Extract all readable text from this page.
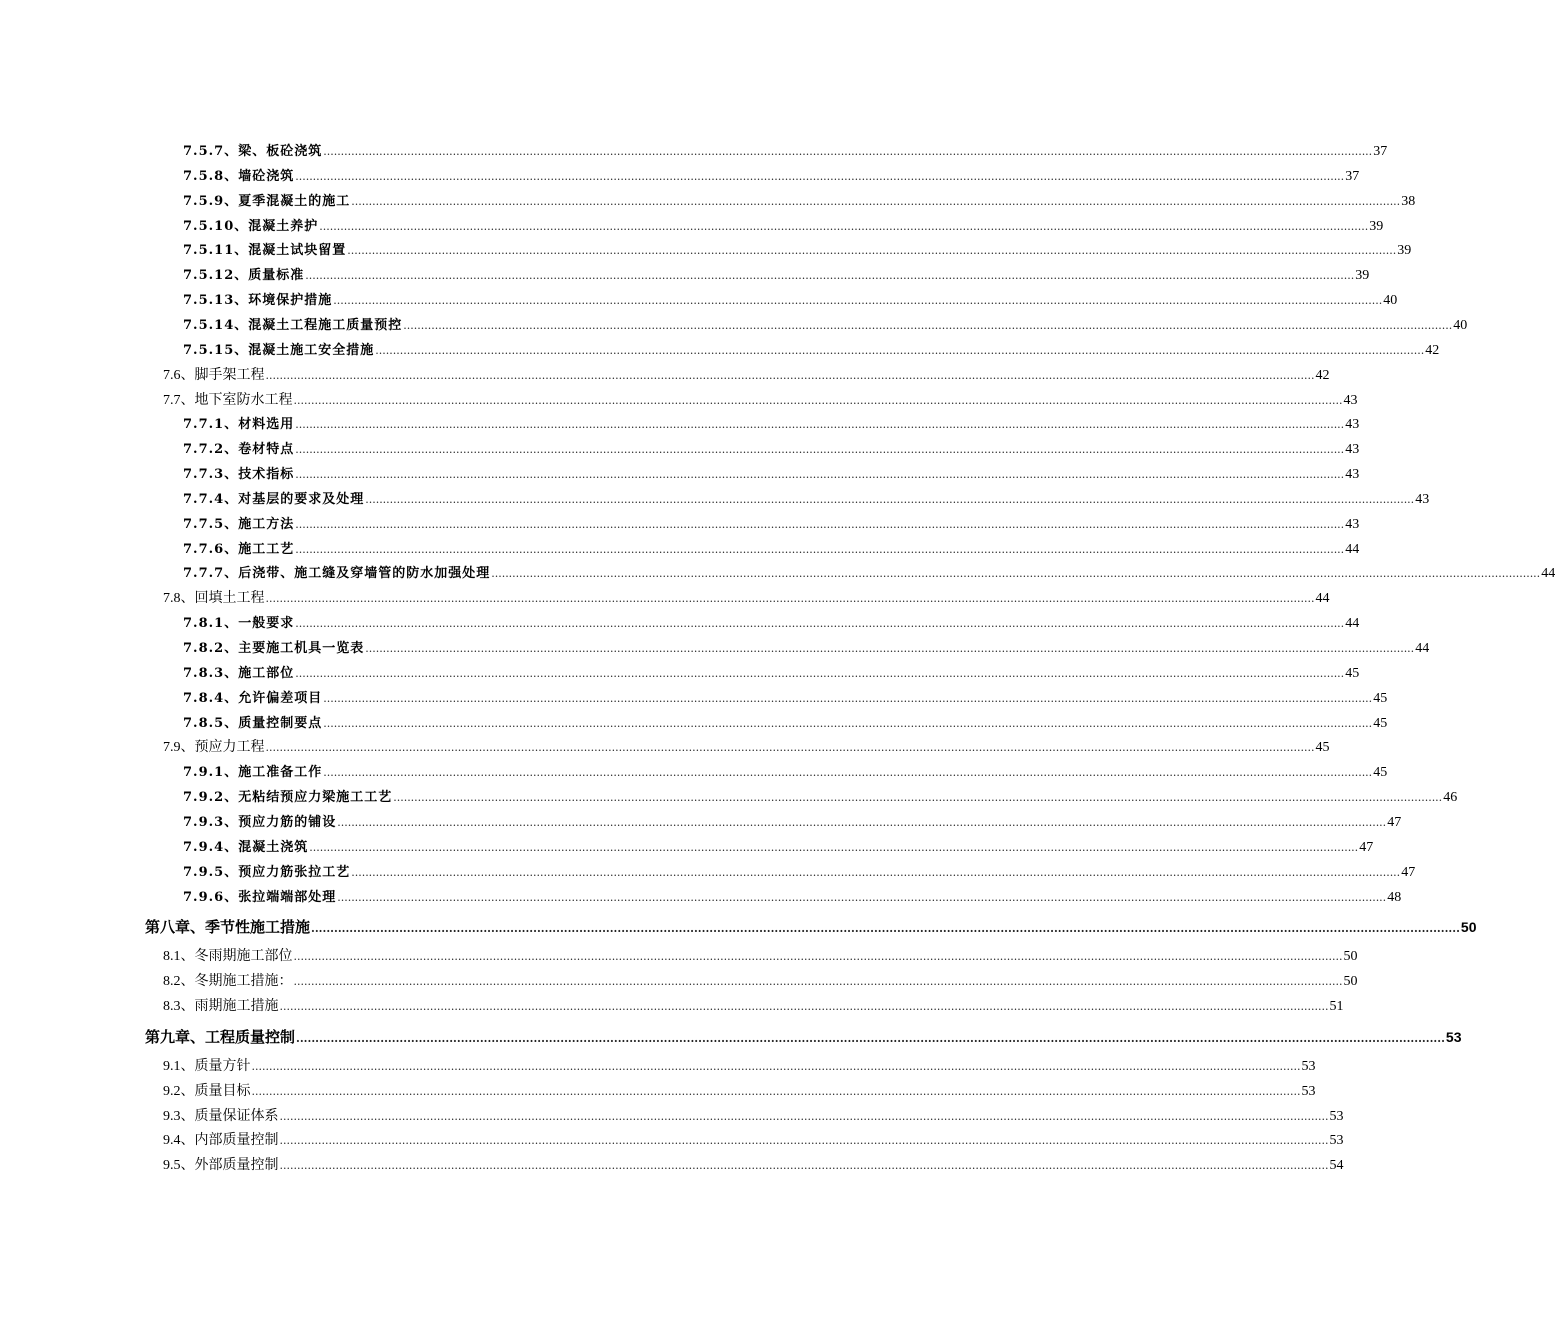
7.5.7、梁、板砼浇筑 ............................................................................................................................................................................................................................................................................................................ 37
7.5.8、墙砼浇筑 ............................................................................................................................................................................................................................................................................................................ 37
7.5.9、夏季混凝土的施工 ............................................................................................................................................................................................................................................................................................................ 38
7.5.10、混凝土养护 ............................................................................................................................................................................................................................................................................................................ 39
7.5.11、混凝土试块留置 ............................................................................................................................................................................................................................................................................................................ 39
7.5.12、质量标准 ............................................................................................................................................................................................................................................................................................................ 39
7.5.13、环境保护措施 ............................................................................................................................................................................................................................................................................................................ 40
7.5.14、混凝土工程施工质量预控 ............................................................................................................................................................................................................................................................................................................ 40
7.5.15、混凝土施工安全措施 ............................................................................................................................................................................................................................................................................................................ 42
7.6、脚手架工程 ............................................................................................................................................................................................................................................................................................................ 42
7.7、地下室防水工程 ............................................................................................................................................................................................................................................................................................................ 43
7.7.1、材料选用 ............................................................................................................................................................................................................................................................................................................ 43
7.7.2、卷材特点 ............................................................................................................................................................................................................................................................................................................ 43
7.7.3、技术指标 ............................................................................................................................................................................................................................................................................................................ 43
7.7.4、对基层的要求及处理 ............................................................................................................................................................................................................................................................................................................ 43
7.7.5、施工方法 ............................................................................................................................................................................................................................................................................................................ 43
7.7.6、施工工艺 ............................................................................................................................................................................................................................................................................................................ 44
7.7.7、后浇带、施工缝及穿墙管的防水加强处理 ............................................................................................................................................................................................................................................................................................................ 44
7.8、回填土工程 ............................................................................................................................................................................................................................................................................................................ 44
7.8.1、一般要求 ............................................................................................................................................................................................................................................................................................................ 44
7.8.2、主要施工机具一览表 ............................................................................................................................................................................................................................................................................................................ 44
7.8.3、施工部位 ............................................................................................................................................................................................................................................................................................................ 45
7.8.4、允许偏差项目 ............................................................................................................................................................................................................................................................................................................ 45
7.8.5、质量控制要点 ............................................................................................................................................................................................................................................................................................................ 45
7.9、预应力工程 ............................................................................................................................................................................................................................................................................................................ 45
7.9.1、施工准备工作 ............................................................................................................................................................................................................................................................................................................ 45
7.9.2、无粘结预应力梁施工工艺 ............................................................................................................................................................................................................................................................................................................ 46
7.9.3、预应力筋的铺设 ............................................................................................................................................................................................................................................................................................................ 47
7.9.4、混凝土浇筑 ............................................................................................................................................................................................................................................................................................................ 47
7.9.5、预应力筋张拉工艺 ............................................................................................................................................................................................................................................................................................................ 47
7.9.6、张拉端端部处理 ............................................................................................................................................................................................................................................................................................................ 48
第八章、季节性施工措施 ............................................................................................................................................................................................................................................................................................................ 50
8.1、冬雨期施工部位 ............................................................................................................................................................................................................................................................................................................ 50
8.2、冬期施工措施： ............................................................................................................................................................................................................................................................................................................ 50
8.3、雨期施工措施 ............................................................................................................................................................................................................................................................................................................ 51
第九章、工程质量控制 ............................................................................................................................................................................................................................................................................................................ 53
9.1、质量方针 ............................................................................................................................................................................................................................................................................................................ 53
9.2、质量目标 ............................................................................................................................................................................................................................................................................................................ 53
9.3、质量保证体系 ............................................................................................................................................................................................................................................................................................................ 53
9.4、内部质量控制 ............................................................................................................................................................................................................................................................................................................ 53
9.5、外部质量控制 ............................................................................................................................................................................................................................................................................................................ 54
